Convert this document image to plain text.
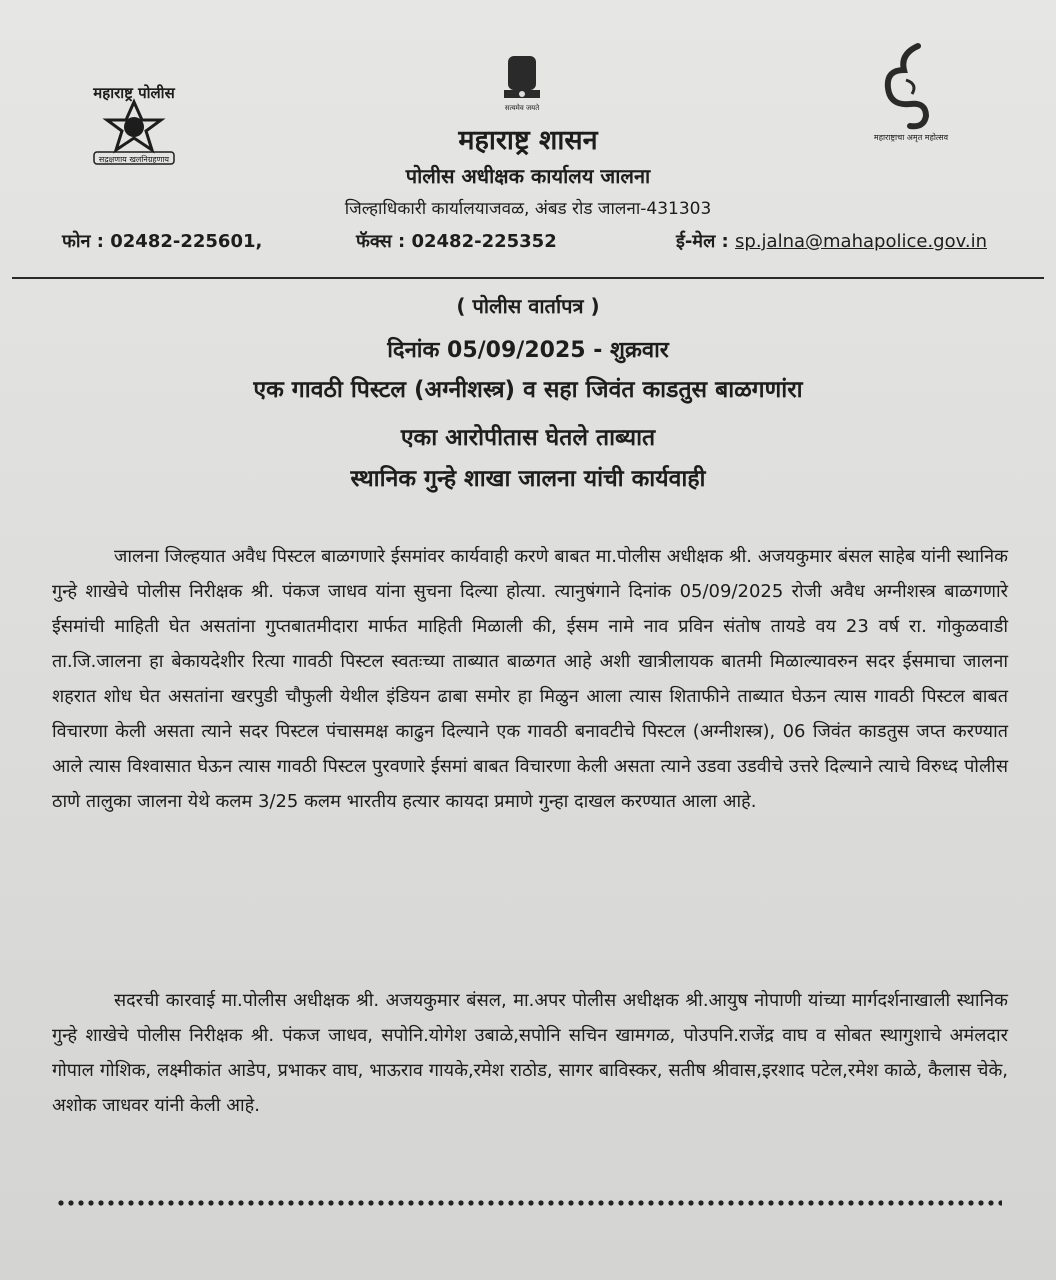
महाराष्ट्र पोलीस
सद्रक्षणाय खलनिग्रहणाय
सत्यमेव जयते
महाराष्ट्राचा अमृत महोत्सव
महाराष्ट्र शासन
पोलीस अधीक्षक कार्यालय जालना
जिल्हाधिकारी कार्यालयाजवळ, अंबड रोड जालना-431303
फोन : 02482-225601,	फॅक्स : 02482-225352	ई-मेल : sp.jalna@mahapolice.gov.in
( पोलीस वार्तापत्र )
दिनांक 05/09/2025 - शुक्रवार
एक गावठी पिस्टल (अग्नीशस्त्र) व सहा जिवंत काडतुस बाळगणांरा
एका आरोपीतास घेतले ताब्यात
स्थानिक गुन्हे शाखा जालना यांची कार्यवाही

जालना जिल्हयात अवैध पिस्टल बाळगणारे ईसमांवर कार्यवाही करणे बाबत मा.पोलीस अधीक्षक श्री. अजयकुमार बंसल साहेब यांनी स्थानिक गुन्हे शाखेचे पोलीस निरीक्षक श्री. पंकज जाधव यांना सुचना दिल्या होत्या. त्यानुषंगाने दिनांक 05/09/2025 रोजी अवैध अग्नीशस्त्र बाळगणारे ईसमांची माहिती घेत असतांना गुप्तबातमीदारा मार्फत माहिती मिळाली की, ईसम नामे नाव प्रविन संतोष तायडे वय 23 वर्ष रा. गोकुळवाडी ता.जि.जालना हा बेकायदेशीर रित्या गावठी पिस्टल स्वतःच्या ताब्यात बाळगत आहे अशी खात्रीलायक बातमी मिळाल्यावरुन सदर ईसमाचा जालना शहरात शोध घेत असतांना खरपुडी चौफुली येथील इंडियन ढाबा समोर हा मिळुन आला त्यास शिताफीने ताब्यात घेऊन त्यास गावठी पिस्टल बाबत विचारणा केली असता त्याने सदर पिस्टल पंचासमक्ष काढुन दिल्याने एक गावठी बनावटीचे पिस्टल (अग्नीशस्त्र), 06 जिवंत काडतुस जप्त करण्यात आले त्यास विश्वासात घेऊन त्यास गावठी पिस्टल पुरवणारे ईसमां बाबत विचारणा केली असता त्याने उडवा उडवीचे उत्तरे दिल्याने त्याचे विरुध्द पोलीस ठाणे तालुका जालना येथे कलम 3/25 कलम भारतीय हत्यार कायदा प्रमाणे गुन्हा दाखल करण्यात आला आहे.

सदरची कारवाई मा.पोलीस अधीक्षक श्री. अजयकुमार बंसल, मा.अपर पोलीस अधीक्षक श्री.आयुष नोपाणी यांच्या मार्गदर्शनाखाली स्थानिक गुन्हे शाखेचे पोलीस निरीक्षक श्री. पंकज जाधव, सपोनि.योगेश उबाळे,सपोनि सचिन खामगळ, पोउपनि.राजेंद्र वाघ व सोबत स्थागुशाचे अमंलदार गोपाल गोशिक, लक्ष्मीकांत आडेप, प्रभाकर वाघ, भाऊराव गायके,रमेश राठोड, सागर बाविस्कर, सतीष श्रीवास,इरशाद पटेल,रमेश काळे, कैलास चेके, अशोक जाधवर यांनी केली आहे.
